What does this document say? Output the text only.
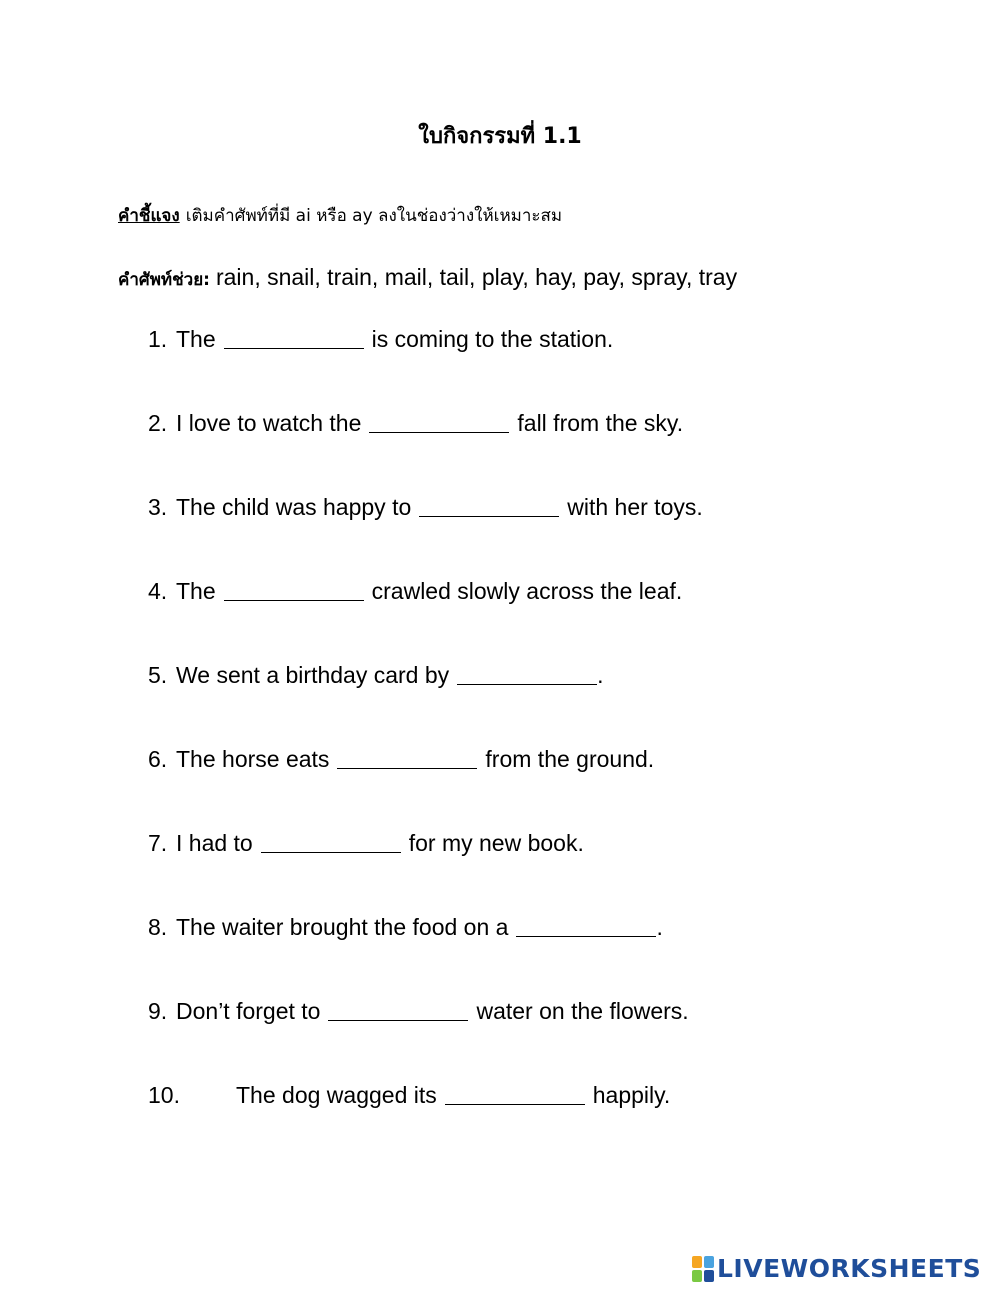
ใบกิจกรรมที่ 1.1
คำชี้แจง เติมคำศัพท์ที่มี ai หรือ ay ลงในช่องว่างให้เหมาะสม
คำศัพท์ช่วย: rain, snail, train, mail, tail, play, hay, pay, spray, tray
1. The	is coming to the station.
2. I love to watch the	fall from the sky.
3. The child was happy to	with her toys.
4. The	crawled slowly across the leaf.
5. We sent a birthday card by	.
6. The horse eats	from the ground.
7. I had to	for my new book.
8. The waiter brought the food on a	.
9. Don’t forget to	water on the flowers.
10.	The dog wagged its	happily.
LIVEWORKSHEETS
